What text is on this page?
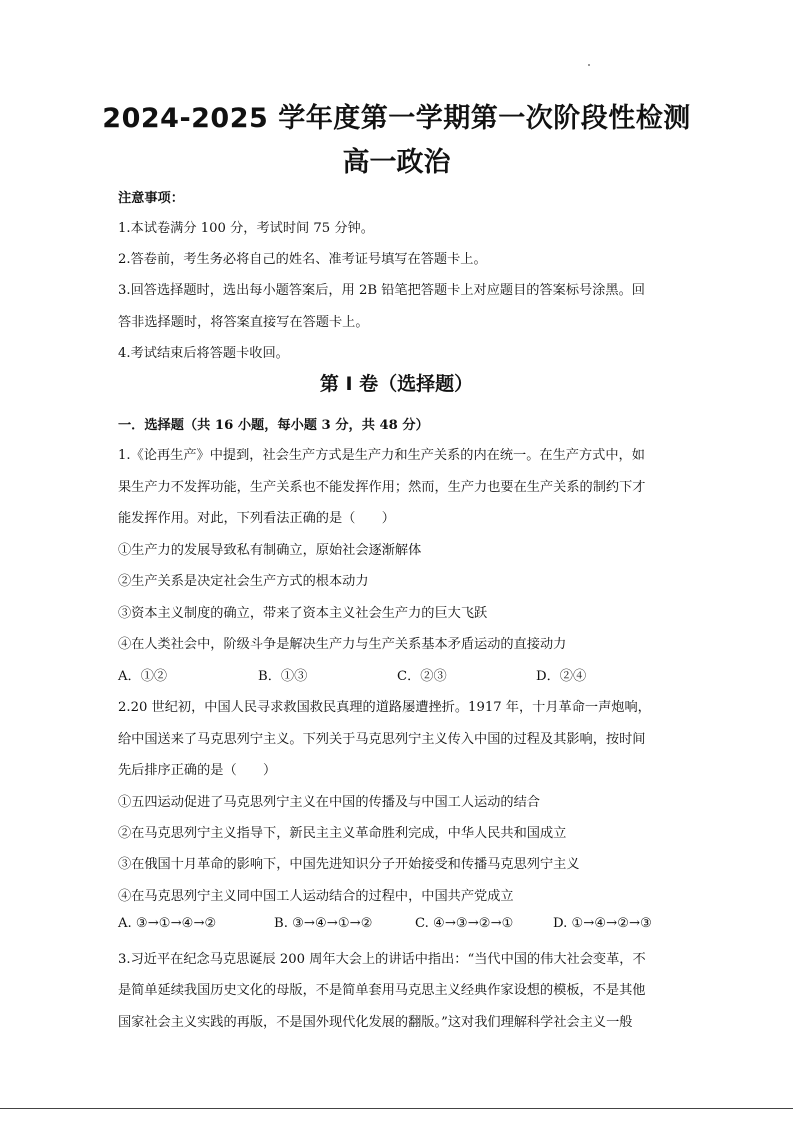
2024-2025 学年度第一学期第一次阶段性检测
高一政治
注意事项：
1.本试卷满分 100 分，考试时间 75 分钟。
2.答卷前，考生务必将自己的姓名、准考证号填写在答题卡上。
3.回答选择题时，选出每小题答案后，用 2B 铅笔把答题卡上对应题目的答案标号涂黑。回
答非选择题时，将答案直接写在答题卡上。
4.考试结束后将答题卡收回。
第 I 卷（选择题）
一．选择题（共 16 小题，每小题 3 分，共 48 分）
1.《论再生产》中提到，社会生产方式是生产力和生产关系的内在统一。在生产方式中，如
果生产力不发挥功能，生产关系也不能发挥作用；然而，生产力也要在生产关系的制约下才
能发挥作用。对此，下列看法正确的是（　　）
①生产力的发展导致私有制确立，原始社会逐渐解体
②生产关系是决定社会生产方式的根本动力
③资本主义制度的确立，带来了资本主义社会生产力的巨大飞跃
④在人类社会中，阶级斗争是解决生产力与生产关系基本矛盾运动的直接动力
A．①②	B．①③	C．②③	D．②④
2.20 世纪初，中国人民寻求救国救民真理的道路屡遭挫折。1917 年，十月革命一声炮响，
给中国送来了马克思列宁主义。下列关于马克思列宁主义传入中国的过程及其影响，按时间
先后排序正确的是（　　）
①五四运动促进了马克思列宁主义在中国的传播及与中国工人运动的结合
②在马克思列宁主义指导下，新民主主义革命胜利完成，中华人民共和国成立
③在俄国十月革命的影响下，中国先进知识分子开始接受和传播马克思列宁主义
④在马克思列宁主义同中国工人运动结合的过程中，中国共产党成立
A. ③→①→④→②	B. ③→④→①→②	C. ④→③→②→①	D. ①→④→②→③
3.习近平在纪念马克思诞辰 200 周年大会上的讲话中指出：“当代中国的伟大社会变革，不
是简单延续我国历史文化的母版，不是简单套用马克思主义经典作家设想的模板，不是其他
国家社会主义实践的再版，不是国外现代化发展的翻版。”这对我们理解科学社会主义一般
